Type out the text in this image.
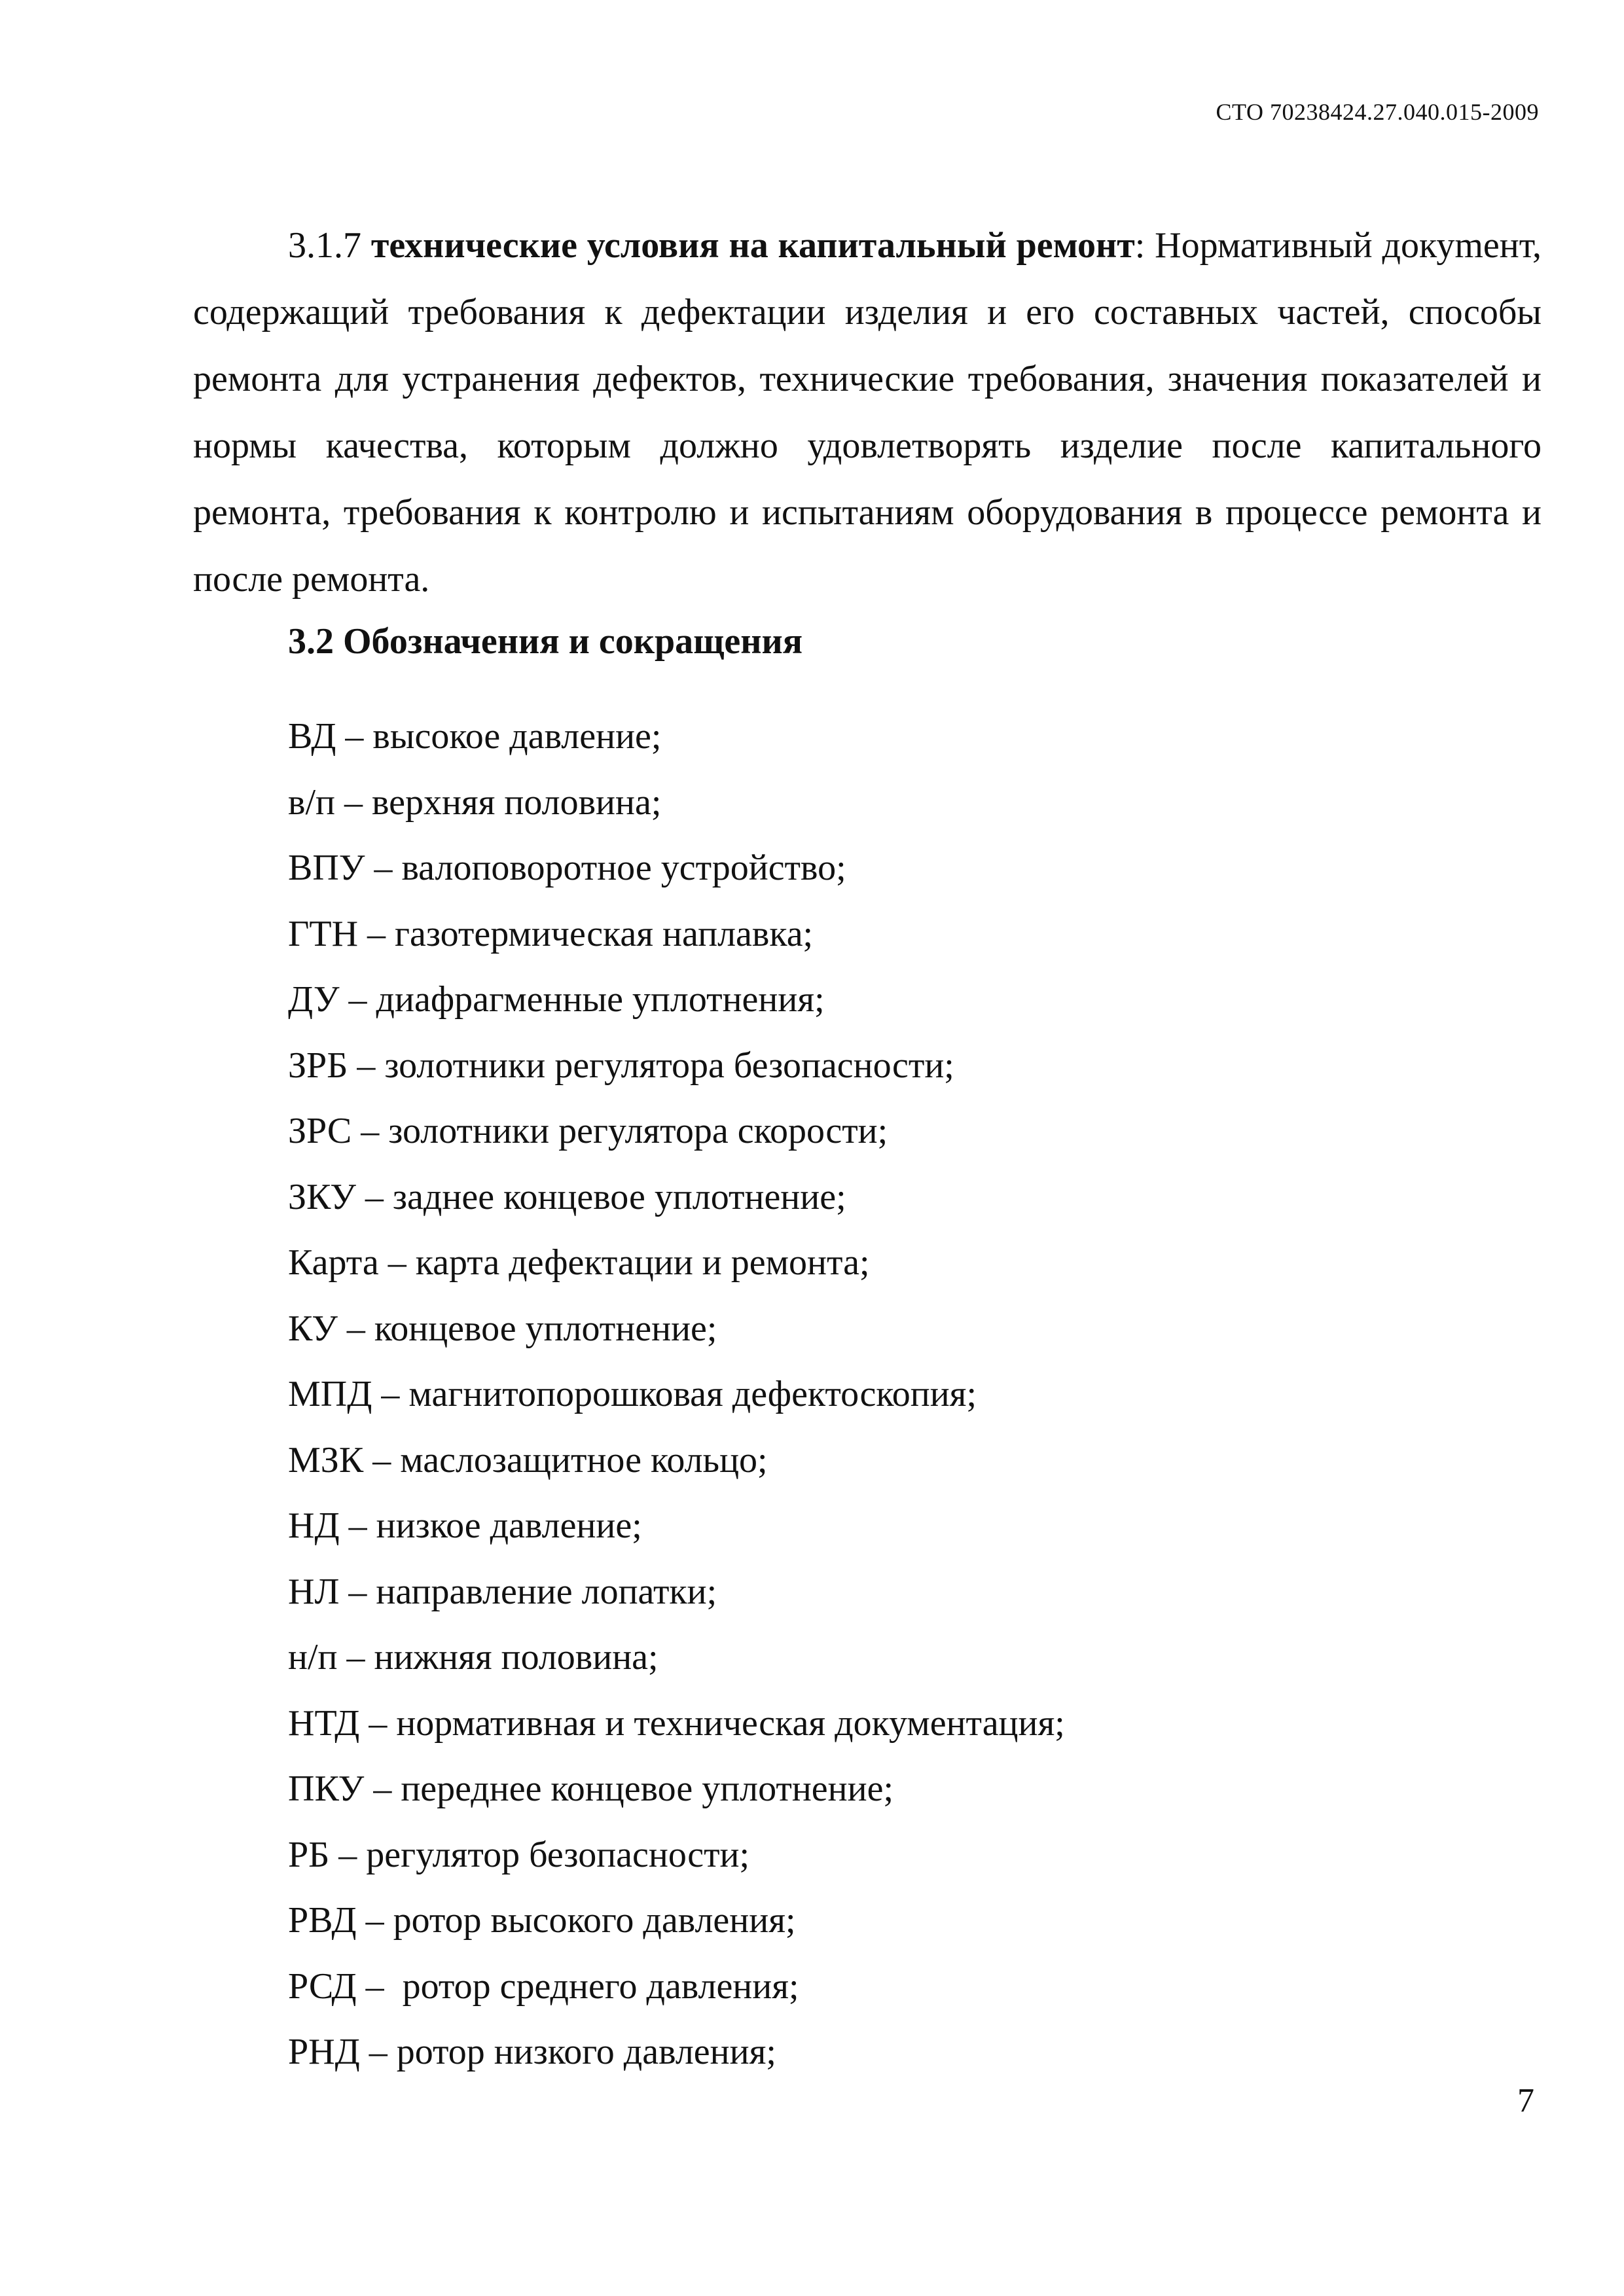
СТО 70238424.27.040.015-2009

3.1.7 технические условия на капитальный ремонт: Нормативный докуmент, содержащий требования к дефектации изделия и его составных частей, способы ремонта для устранения дефектов, технические требования, значения показателей и нормы качества, которым должно удовлетворять изделие после капитального ремонта, требования к контролю и испытаниям оборудования в процессе ремонта и после ремонта.

3.2 Обозначения и сокращения
ВД – высокое давление;
в/п – верхняя половина;
ВПУ – валоповоротное устройство;
ГТН – газотермическая наплавка;
ДУ – диафрагменные уплотнения;
ЗРБ – золотники регулятора безопасности;
ЗРС – золотники регулятора скорости;
ЗКУ – заднее концевое уплотнение;
Карта – карта дефектации и ремонта;
КУ – концевое уплотнение;
МПД – магнитопорошковая дефектоскопия;
МЗК – маслозащитное кольцо;
НД – низкое давление;
НЛ – направление лопатки;
н/п – нижняя половина;
НТД – нормативная и техническая документация;
ПКУ – переднее концевое уплотнение;
РБ – регулятор безопасности;
РВД – ротор высокого давления;
РСД –  ротор среднего давления;
РНД – ротор низкого давления;
7
